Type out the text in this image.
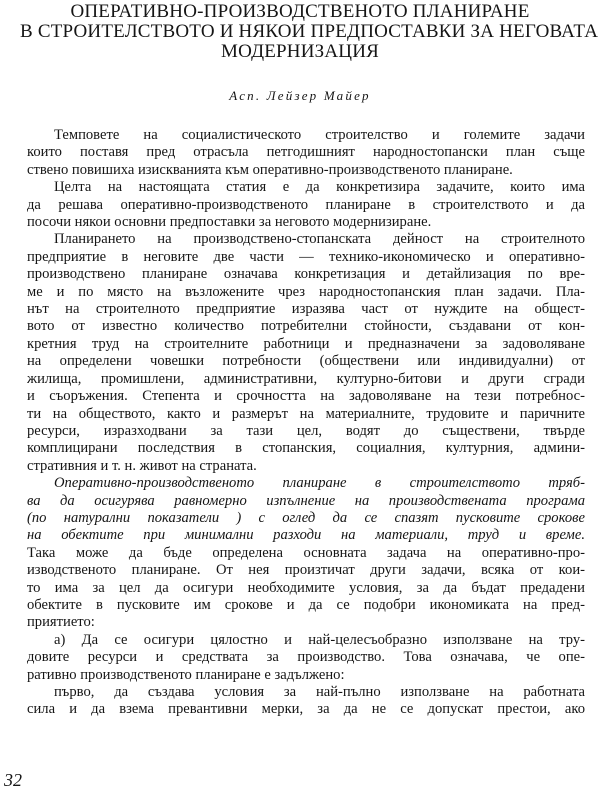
ОПЕРАТИВНО-ПРОИЗВОДСТВЕНОТО ПЛАНИРАНЕ
В СТРОИТЕЛСТВОТО И НЯКОИ ПРЕДПОСТАВКИ ЗА НЕГОВАТА
МОДЕРНИЗАЦИЯ
Асп. Лейзер Майер
Темповете на социалистическото строителство и големите задачи
които поставя пред отрасъла петгодишният народностопански план съще
ствено повишиха изискванията към оперативно-производственото планиране.
Целта на настоящата статия е да конкретизира задачите, които има
да решава оперативно-производственото планиране в строителството и да
посочи някои основни предпоставки за неговото модернизиране.
Планирането на производствено-стопанската дейност на строителното
предприятие в неговите две части — технико-икономическо и оперативно-
производствено планиране означава конкретизация и детайлизация по вре-
ме и по място на възложените чрез народностопанския план задачи. Пла-
нът на строителното предприятие изразява част от нуждите на общест-
вото от известно количество потребителни стойности, създавани от кон-
кретния труд на строителните работници и предназначени за задоволяване
на определени човешки потребности (обществени или индивидуални) от
жилища, промишлени, административни, културно-битови и други сгради
и съоръжения. Степента и срочността на задоволяване на тези потребнос-
ти на обществото, както и размерът на материалните, трудовите и паричните
ресурси, изразходвани за тази цел, водят до съществени, твърде
комплицирани последствия в стопанския, социалния, културния, админи-
стративния и т. н. живот на страната.
Оперативно-производственото планиране в строителството тряб-
ва да осигурява равномерно изпълнение на производствената програма
(по натурални показатели ) с оглед да се спазят пусковите срокове
на обектите при минимални разходи на материали, труд и време.
Така може да бъде определена основната задача на оперативно-про-
изводственото планиране. От нея произтичат други задачи, всяка от кои-
то има за цел да осигури необходимите условия, за да бъдат предадени
обектите в пусковите им срокове и да се подобри икономиката на пред-
приятието:
а) Да се осигури цялостно и най-целесъобразно използване на тру-
довите ресурси и средствата за производство. Това означава, че опе-
ративно производственото планиране е задължено:
първо, да създава условия за най-пълно използване на работната
сила и да взема превантивни мерки, за да не се допускат престои, ако
32
